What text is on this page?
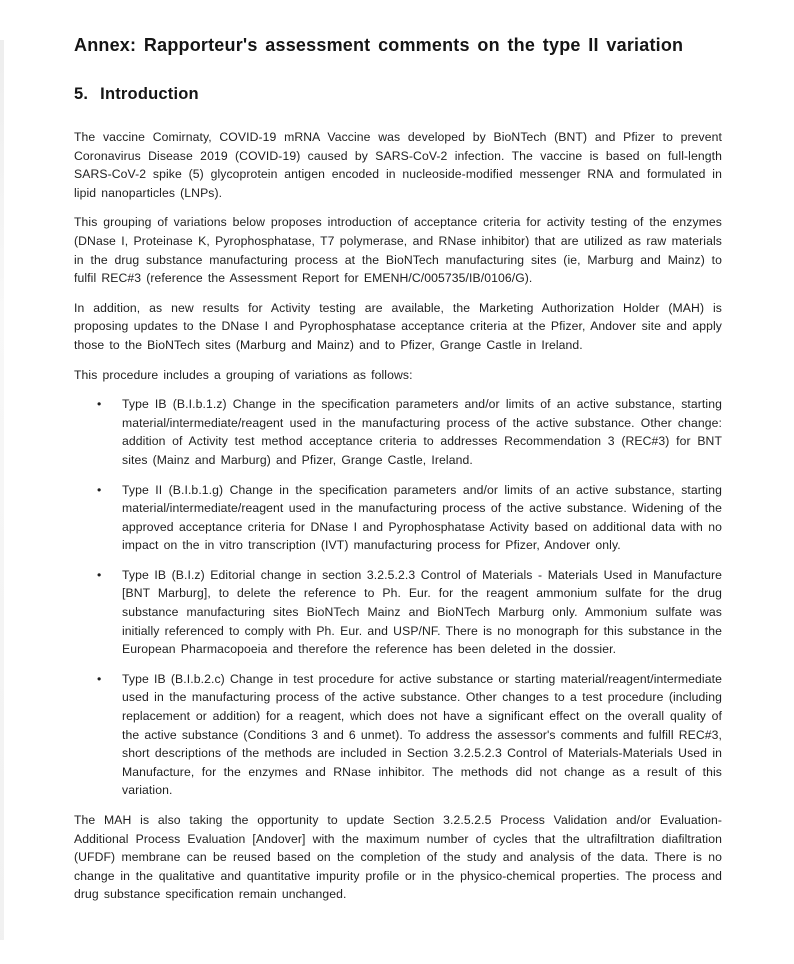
Annex: Rapporteur's assessment comments on the type II variation
5. Introduction

The vaccine Comirnaty, COVID-19 mRNA Vaccine was developed by BioNTech (BNT) and Pfizer to prevent Coronavirus Disease 2019 (COVID-19) caused by SARS-CoV-2 infection. The vaccine is based on full-length SARS-CoV-2 spike (5) glycoprotein antigen encoded in nucleoside-modified messenger RNA and formulated in lipid nanoparticles (LNPs).

This grouping of variations below proposes introduction of acceptance criteria for activity testing of the enzymes (DNase I, Proteinase K, Pyrophosphatase, T7 polymerase, and RNase inhibitor) that are utilized as raw materials in the drug substance manufacturing process at the BioNTech manufacturing sites (ie, Marburg and Mainz) to fulfil REC#3 (reference the Assessment Report for EMENH/C/005735/IB/0106/G).

In addition, as new results for Activity testing are available, the Marketing Authorization Holder (MAH) is proposing updates to the DNase I and Pyrophosphatase acceptance criteria at the Pfizer, Andover site and apply those to the BioNTech sites (Marburg and Mainz) and to Pfizer, Grange Castle in Ireland.

This procedure includes a grouping of variations as follows:

•	Type IB (B.I.b.1.z) Change in the specification parameters and/or limits of an active substance, starting material/intermediate/reagent used in the manufacturing process of the active substance. Other change: addition of Activity test method acceptance criteria to addresses Recommendation 3 (REC#3) for BNT sites (Mainz and Marburg) and Pfizer, Grange Castle, Ireland.
•	Type II (B.I.b.1.g) Change in the specification parameters and/or limits of an active substance, starting material/intermediate/reagent used in the manufacturing process of the active substance. Widening of the approved acceptance criteria for DNase I and Pyrophosphatase Activity based on additional data with no impact on the in vitro transcription (IVT) manufacturing process for Pfizer, Andover only.
•	Type IB (B.I.z) Editorial change in section 3.2.5.2.3 Control of Materials - Materials Used in Manufacture [BNT Marburg], to delete the reference to Ph. Eur. for the reagent ammonium sulfate for the drug substance manufacturing sites BioNTech Mainz and BioNTech Marburg only. Ammonium sulfate was initially referenced to comply with Ph. Eur. and USP/NF. There is no monograph for this substance in the European Pharmacopoeia and therefore the reference has been deleted in the dossier.
•	Type IB (B.I.b.2.c) Change in test procedure for active substance or starting material/reagent/intermediate used in the manufacturing process of the active substance. Other changes to a test procedure (including replacement or addition) for a reagent, which does not have a significant effect on the overall quality of the active substance (Conditions 3 and 6 unmet). To address the assessor's comments and fulfill REC#3, short descriptions of the methods are included in Section 3.2.5.2.3 Control of Materials-Materials Used in Manufacture, for the enzymes and RNase inhibitor. The methods did not change as a result of this variation.

The MAH is also taking the opportunity to update Section 3.2.5.2.5 Process Validation and/or Evaluation-Additional Process Evaluation [Andover] with the maximum number of cycles that the ultrafiltration diafiltration (UFDF) membrane can be reused based on the completion of the study and analysis of the data. There is no change in the qualitative and quantitative impurity profile or in the physico-chemical properties. The process and drug substance specification remain unchanged.
